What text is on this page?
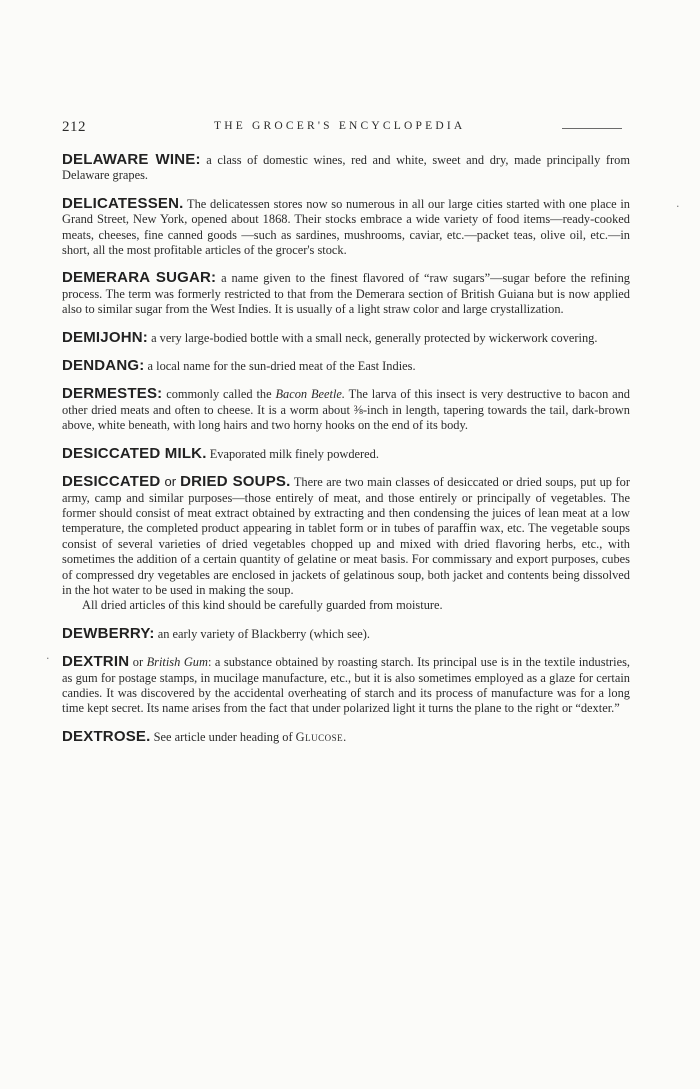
212	THE GROCER'S ENCYCLOPEDIA

DELAWARE WINE: a class of domestic wines, red and white, sweet and dry, made principally from Delaware grapes.

DELICATESSEN. The delicatessen stores now so numerous in all our large cities started with one place in Grand Street, New York, opened about 1868. Their stocks embrace a wide variety of food items—ready-cooked meats, cheeses, fine canned goods —such as sardines, mushrooms, caviar, etc.—packet teas, olive oil, etc.—in short, all the most profitable articles of the grocer's stock.

DEMERARA SUGAR: a name given to the finest flavored of “raw sugars”—sugar before the refining process. The term was formerly restricted to that from the Demerara section of British Guiana but is now applied also to similar sugar from the West Indies. It is usually of a light straw color and large crystallization.

DEMIJOHN: a very large-bodied bottle with a small neck, generally protected by wickerwork covering.

DENDANG: a local name for the sun-dried meat of the East Indies.

DERMESTES: commonly called the Bacon Beetle. The larva of this insect is very destructive to bacon and other dried meats and often to cheese. It is a worm about ⅜-inch in length, tapering towards the tail, dark-brown above, white beneath, with long hairs and two horny hooks on the end of its body.

DESICCATED MILK. Evaporated milk finely powdered.

DESICCATED or DRIED SOUPS. There are two main classes of desiccated or dried soups, put up for army, camp and similar purposes—those entirely of meat, and those entirely or principally of vegetables. The former should consist of meat extract obtained by extracting and then condensing the juices of lean meat at a low temperature, the completed product appearing in tablet form or in tubes of paraffin wax, etc. The vegetable soups consist of several varieties of dried vegetables chopped up and mixed with dried flavoring herbs, etc., with sometimes the addition of a certain quantity of gelatine or meat basis. For commissary and export purposes, cubes of compressed dry vegetables are enclosed in jackets of gelatinous soup, both jacket and contents being dissolved in the hot water to be used in making the soup.
All dried articles of this kind should be carefully guarded from moisture.

DEWBERRY: an early variety of Blackberry (which see).

DEXTRIN or British Gum: a substance obtained by roasting starch. Its principal use is in the textile industries, as gum for postage stamps, in mucilage manufacture, etc., but it is also sometimes employed as a glaze for certain candies. It was discovered by the accidental overheating of starch and its process of manufacture was for a long time kept secret. Its name arises from the fact that under polarized light it turns the plane to the right or “dexter.”

DEXTROSE. See article under heading of Glucose.

·
·
